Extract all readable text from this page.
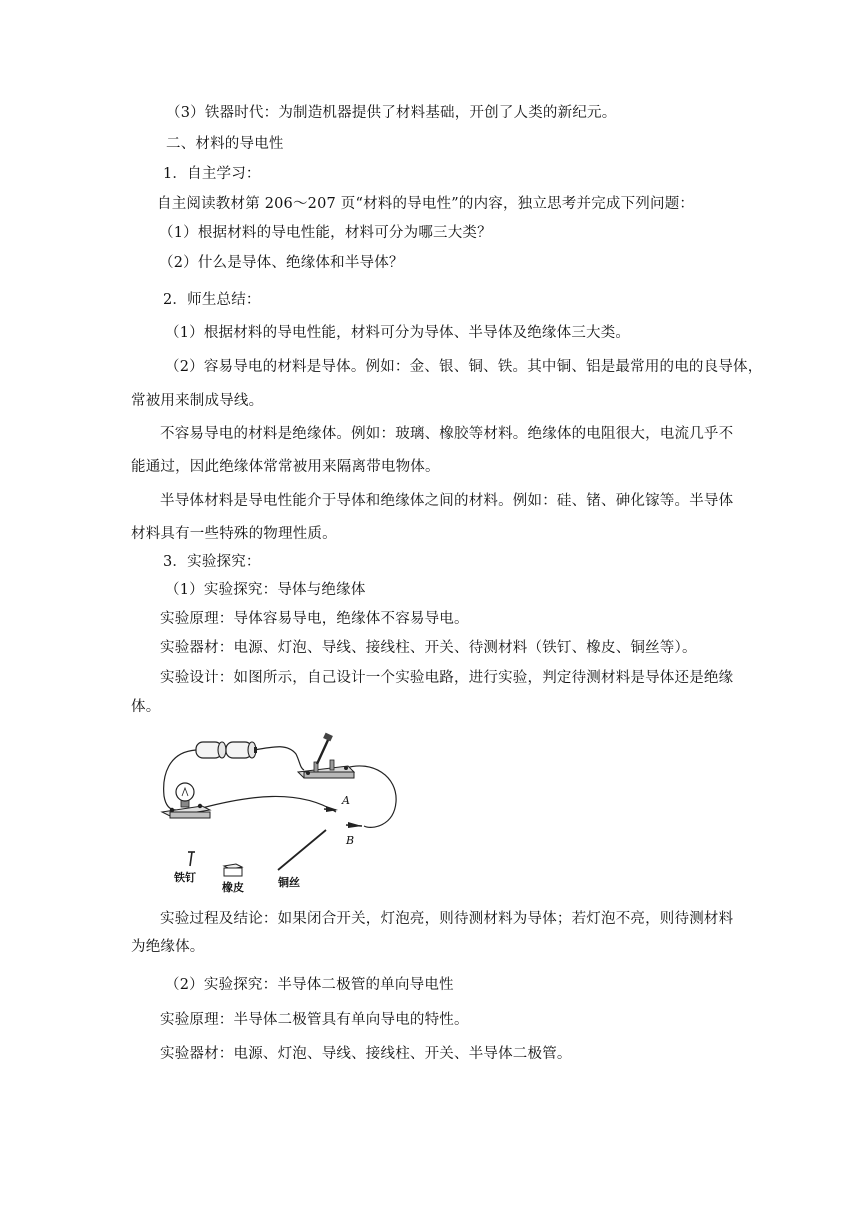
（3）铁器时代：为制造机器提供了材料基础，开创了人类的新纪元。
二、材料的导电性
1．自主学习：
自主阅读教材第 206～207 页“材料的导电性”的内容，独立思考并完成下列问题：
（1）根据材料的导电性能，材料可分为哪三大类？
（2）什么是导体、绝缘体和半导体？
2．师生总结：
（1）根据材料的导电性能，材料可分为导体、半导体及绝缘体三大类。
（2）容易导电的材料是导体。例如：金、银、铜、铁。其中铜、铝是最常用的电的良导体，
常被用来制成导线。
不容易导电的材料是绝缘体。例如：玻璃、橡胶等材料。绝缘体的电阻很大，电流几乎不
能通过，因此绝缘体常常被用来隔离带电物体。
半导体材料是导电性能介于导体和绝缘体之间的材料。例如：硅、锗、砷化镓等。半导体
材料具有一些特殊的物理性质。
3．实验探究：
（1）实验探究：导体与绝缘体
实验原理：导体容易导电，绝缘体不容易导电。
实验器材：电源、灯泡、导线、接线柱、开关、待测材料（铁钉、橡皮、铜丝等）。
实验设计：如图所示，自己设计一个实验电路，进行实验，判定待测材料是导体还是绝缘
体。
A
B
铁钉
橡皮	铜丝
实验过程及结论：如果闭合开关，灯泡亮，则待测材料为导体；若灯泡不亮，则待测材料
为绝缘体。
（2）实验探究：半导体二极管的单向导电性
实验原理：半导体二极管具有单向导电的特性。
实验器材：电源、灯泡、导线、接线柱、开关、半导体二极管。
